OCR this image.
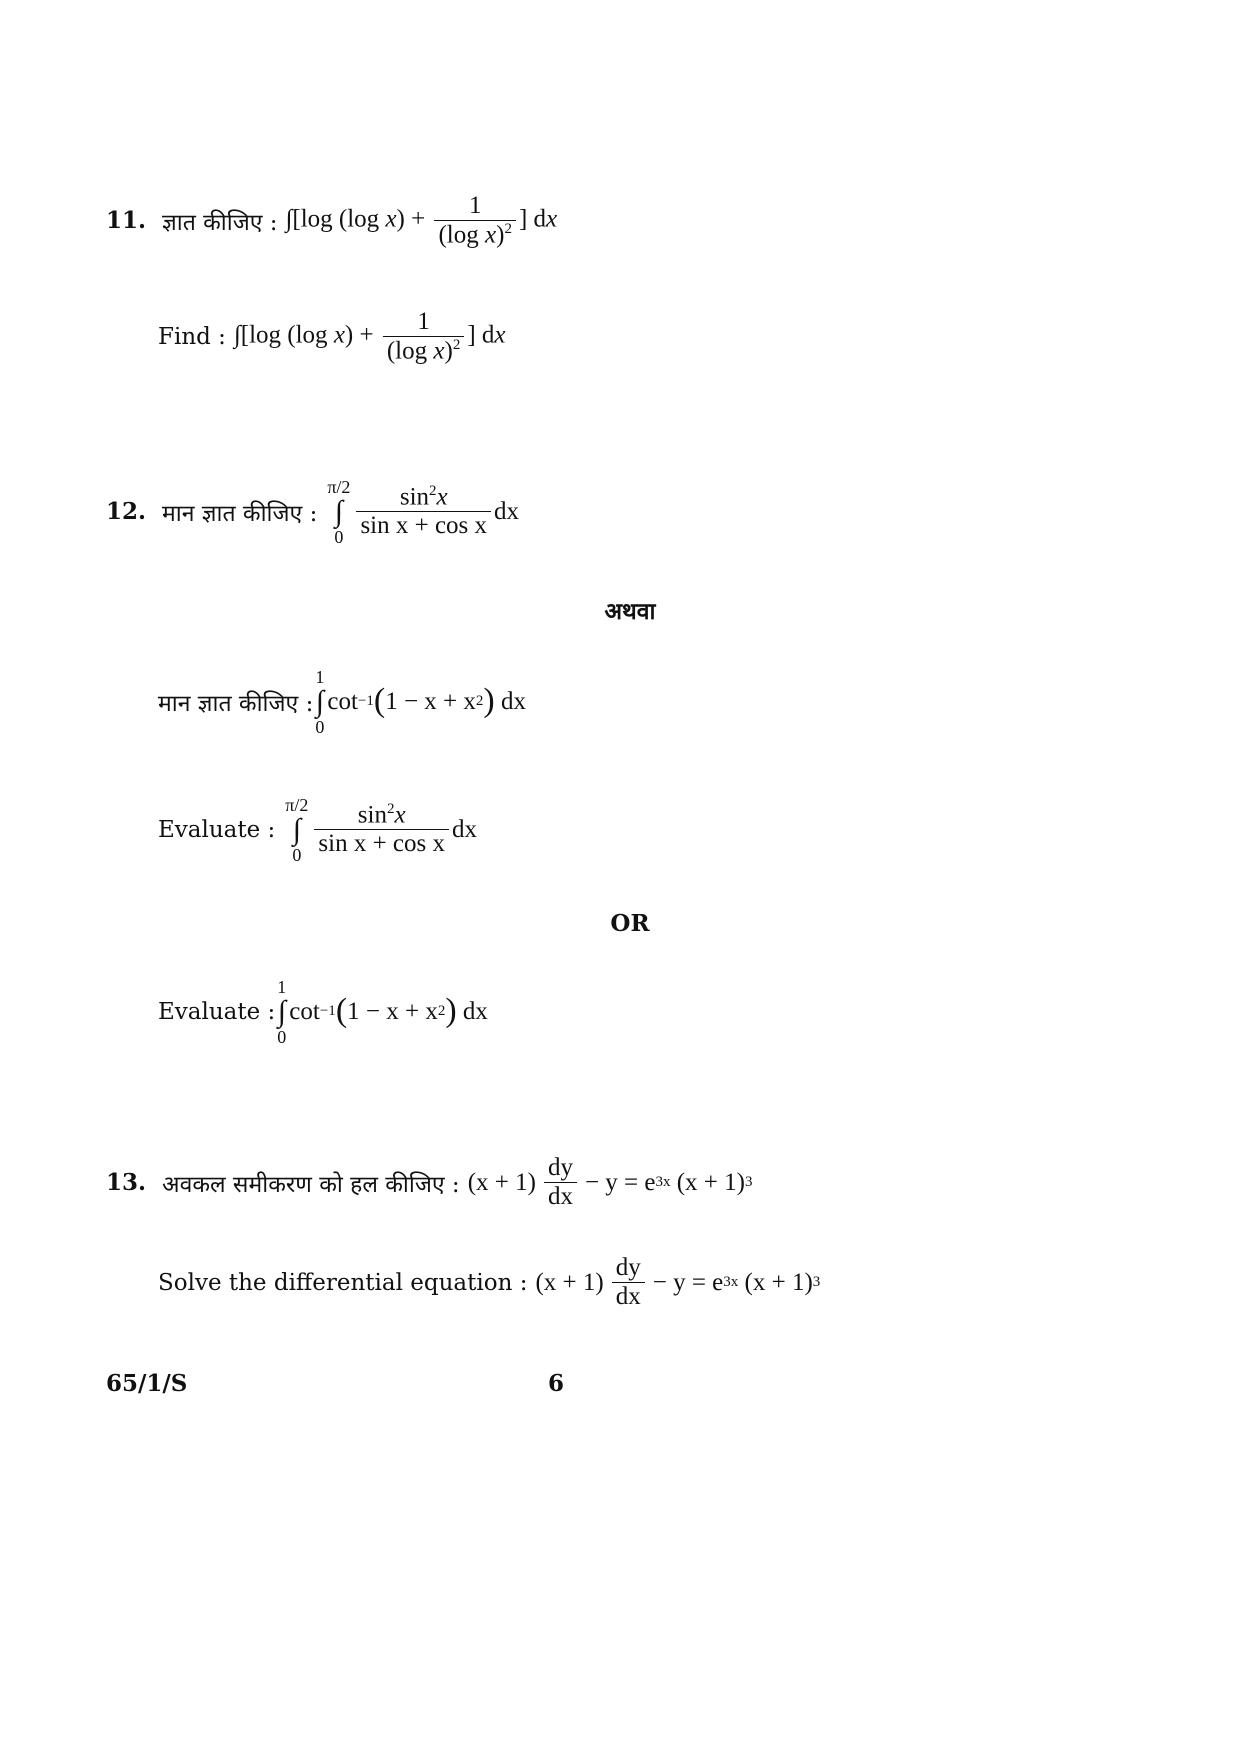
11. ज्ञात कीजिए : ∫[log (log $x) + \frac{1}{(\log x)^2}$ ] dx
Find : ∫[log (log $x) + \frac{1}{(\log x)^2}$ ] dx
12. मान ज्ञात कीजिए :
π/2
∫
$0 \frac{\sin^2x}{\text{sin x + cos x}}$ dx
अथवा
मान ज्ञात कीजिए :
1
∫
0
cot −1 ( 1 − x + x 2 )
dx
Evaluate :
π/2
∫
$0 \frac{\sin^2x}{\text{sin x + cos x}}$ dx
OR
Evaluate :
1
∫
0
cot −1 ( 1 − x + x 2 )
dx
13. अवकल समीकरण को हल कीजिए : $(x + 1) \frac{dy}{dx} - y = e$ 3x
(x + 1) 3
Solve the differential equation : $(x + 1) \frac{dy}{dx} - y = e$ 3x
(x + 1) 3
65/1/S	6
